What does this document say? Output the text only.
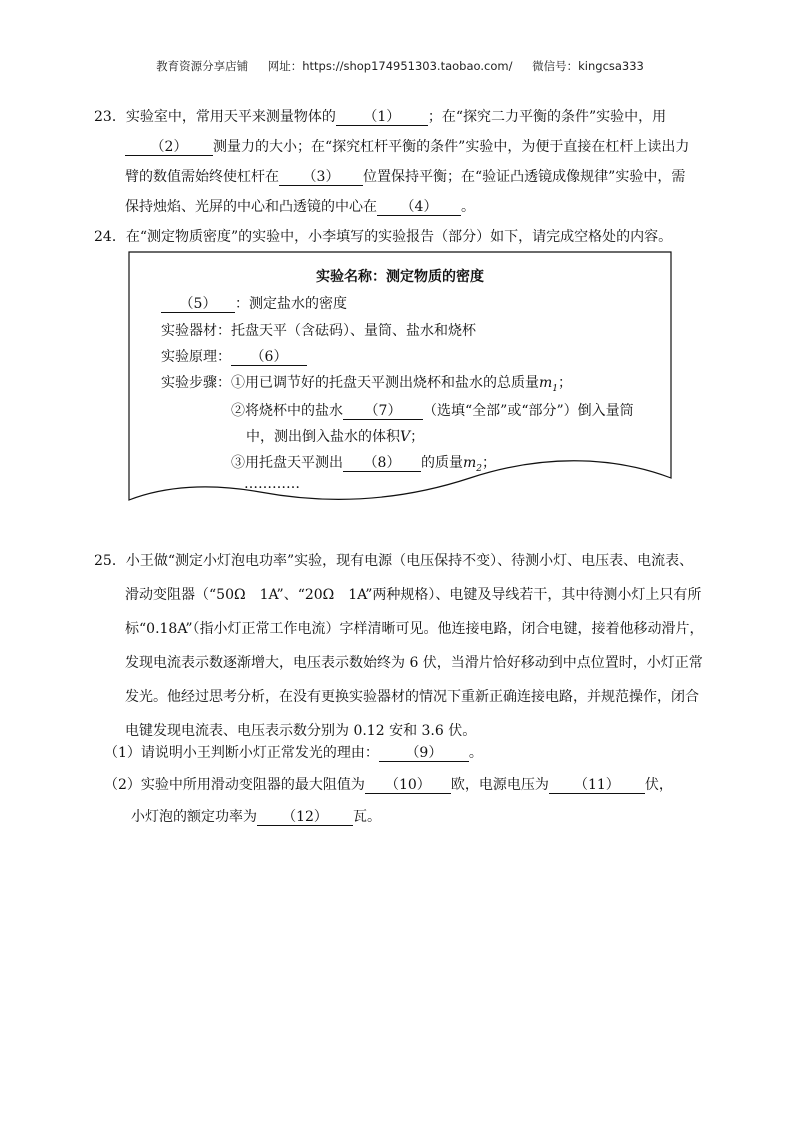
教育资源分享店铺 网址：https://shop174951303.taobao.com/ 微信号：kingcsa333
23．实验室中，常用天平来测量物体的 （1） ；在“探究二力平衡的条件”实验中，用
（2） 测量力的大小；在“探究杠杆平衡的条件”实验中，为便于直接在杠杆上读出力
臂的数值需始终使杠杆在 （3） 位置保持平衡；在“验证凸透镜成像规律”实验中，需
保持烛焰、光屏的中心和凸透镜的中心在 （4） 。
24．在“测定物质密度”的实验中，小李填写的实验报告（部分）如下，请完成空格处的内容。
实验名称：测定物质的密度
（5） ：测定盐水的密度
实验器材：托盘天平（含砝码）、量筒、盐水和烧杯
实验原理： （6）
实验步骤：①用已调节好的托盘天平测出烧杯和盐水的总质量$m_1$；
②将烧杯中的盐水 （7） （选填“全部”或“部分”）倒入量筒
中，测出倒入盐水的体积V；
③用托盘天平测出 （8） 的质量$m_2$；
…………
25．小王做“测定小灯泡电功率”实验，现有电源（电压保持不变）、待测小灯、电压表、电流表、
滑动变阻器（“50Ω　1A”、“20Ω　1A”两种规格）、电键及导线若干，其中待测小灯上只有所
标“0.18A”（指小灯正常工作电流）字样清晰可见。他连接电路，闭合电键，接着他移动滑片，
发现电流表示数逐渐增大，电压表示数始终为 6 伏，当滑片恰好移动到中点位置时，小灯正常
发光。他经过思考分析，在没有更换实验器材的情况下重新正确连接电路，并规范操作，闭合
电键发现电流表、电压表示数分别为 0.12 安和 3.6 伏。
（1）请说明小王判断小灯正常发光的理由： （9） 。
（2）实验中所用滑动变阻器的最大阻值为 （10） 欧，电源电压为 （11） 伏，
小灯泡的额定功率为 （12） 瓦。
